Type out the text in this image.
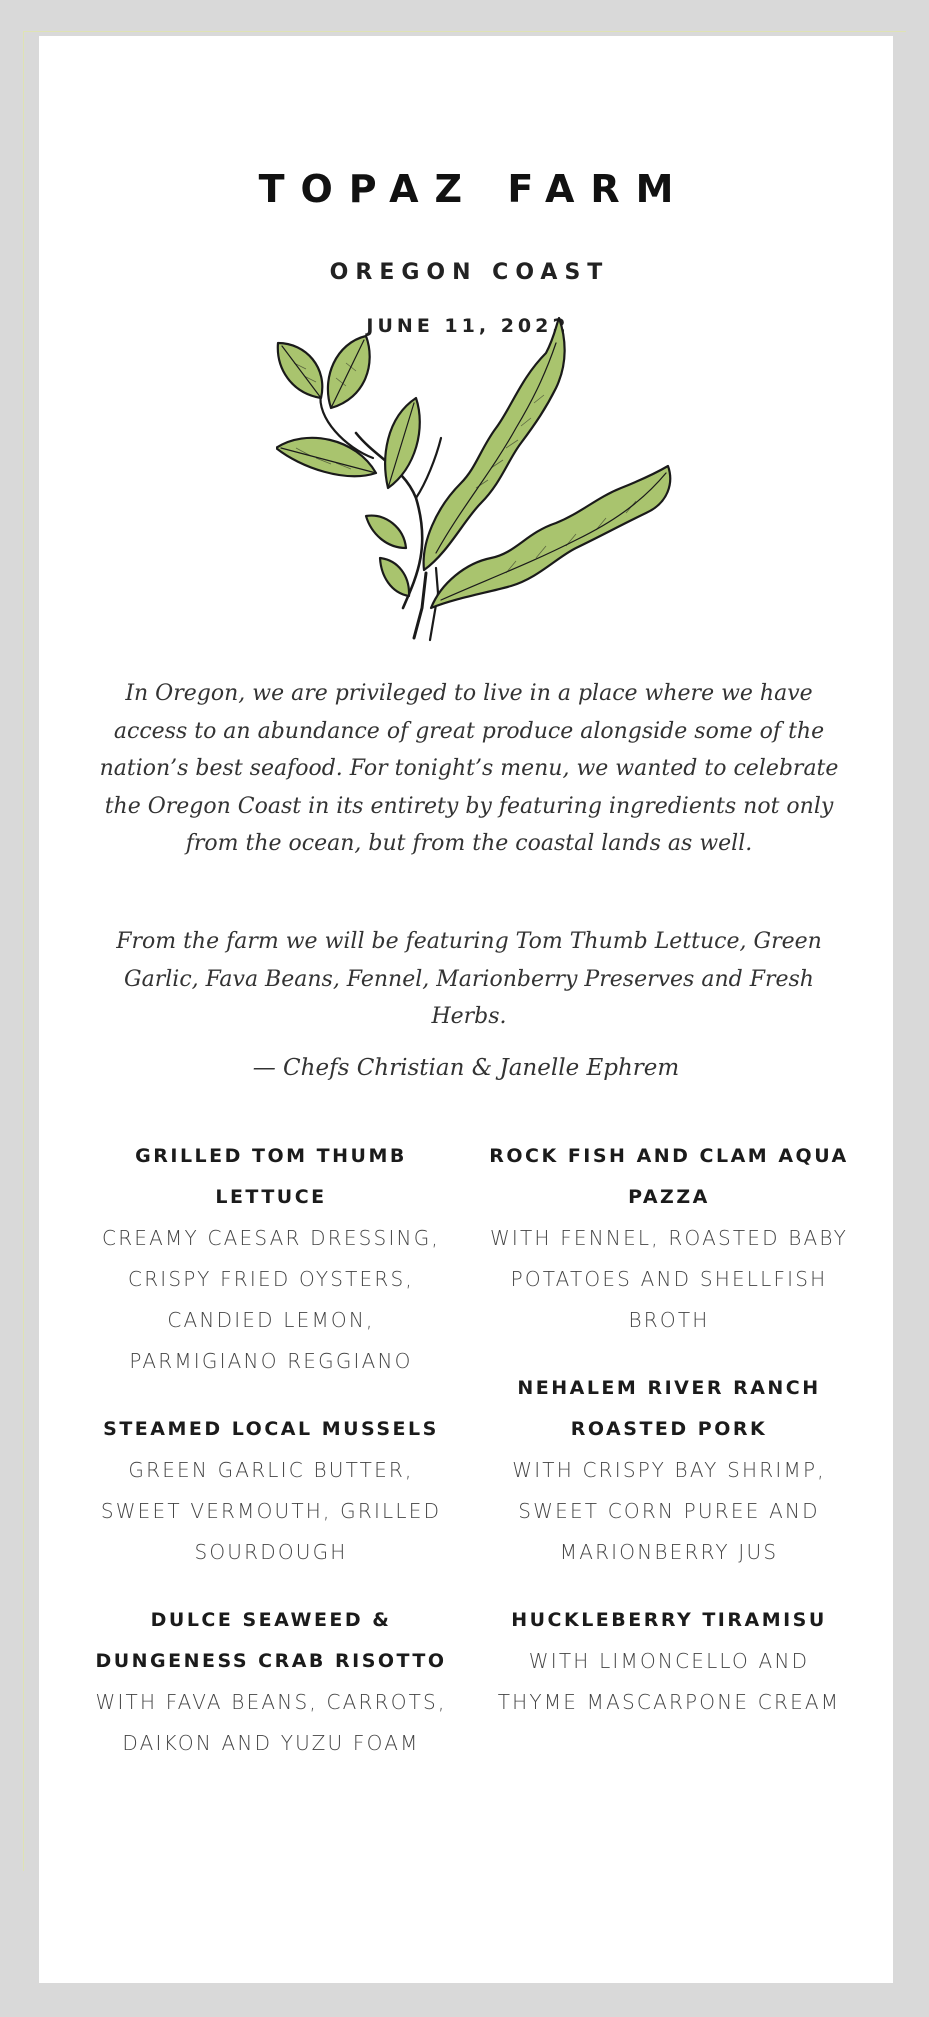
TOPAZ FARM
OREGON COAST
JUNE 11, 2022

In Oregon, we are privileged to live in a place where we have access to an abundance of great produce alongside some of the nation’s best seafood. For tonight’s menu, we wanted to celebrate the Oregon Coast in its entirety by featuring ingredients not only from the ocean, but from the coastal lands as well.

From the farm we will be featuring Tom Thumb Lettuce, Green Garlic, Fava Beans, Fennel, Marionberry Preserves and Fresh Herbs.

— Chefs Christian & Janelle Ephrem
GRILLED TOM THUMB LETTUCE
CREAMY CAESAR DRESSING, CRISPY FRIED OYSTERS, CANDIED LEMON, PARMIGIANO REGGIANO
STEAMED LOCAL MUSSELS
GREEN GARLIC BUTTER, SWEET VERMOUTH, GRILLED SOURDOUGH
DULCE SEAWEED & DUNGENESS CRAB RISOTTO
WITH FAVA BEANS, CARROTS, DAIKON AND YUZU FOAM
ROCK FISH AND CLAM AQUA PAZZA
WITH FENNEL, ROASTED BABY POTATOES AND SHELLFISH BROTH
NEHALEM RIVER RANCH ROASTED PORK
WITH CRISPY BAY SHRIMP, SWEET CORN PUREE AND MARIONBERRY JUS
HUCKLEBERRY TIRAMISU
WITH LIMONCELLO AND THYME MASCARPONE CREAM
